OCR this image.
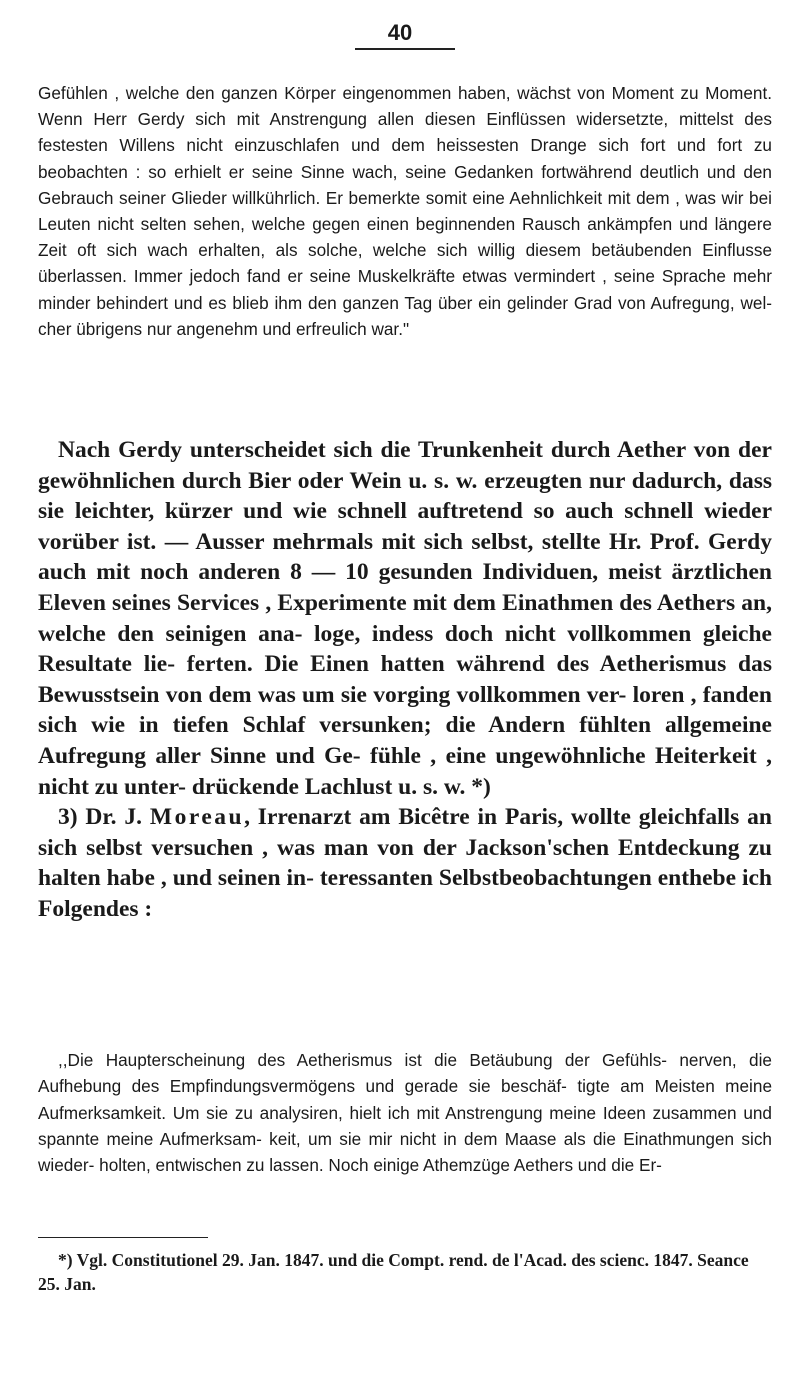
40

Gefühlen , welche den ganzen Körper eingenommen haben, wächst von Moment zu Moment. Wenn Herr Gerdy sich mit Anstrengung allen diesen Einflüssen widersetzte, mittelst des festesten Willens nicht einzuschlafen und dem heissesten Drange sich fort und fort zu beobachten : so erhielt er seine Sinne wach, seine Gedanken fortwährend deutlich und den Gebrauch seiner Glieder willkührlich. Er bemerkte somit eine Aehnlichkeit mit dem , was wir bei Leuten nicht selten sehen, welche gegen einen beginnenden Rausch ankämpfen und längere Zeit oft sich wach erhalten, als solche, welche sich willig diesem betäubenden Einflusse überlassen. Immer jedoch fand er seine Muskelkräfte etwas vermindert , seine Sprache mehr minder behindert und es blieb ihm den ganzen Tag über ein gelinder Grad von Aufregung, wel- cher übrigens nur angenehm und erfreulich war."

Nach Gerdy unterscheidet sich die Trunkenheit durch Aether von der gewöhnlichen durch Bier oder Wein u. s. w. erzeugten nur dadurch, dass sie leichter, kürzer und wie schnell auftretend so auch schnell wieder vorüber ist. — Ausser mehrmals mit sich selbst, stellte Hr. Prof. Gerdy auch mit noch anderen 8 — 10 gesunden Individuen, meist ärztlichen Eleven seines Services , Experimente mit dem Einathmen des Aethers an, welche den seinigen ana- loge, indess doch nicht vollkommen gleiche Resultate lie- ferten. Die Einen hatten während des Aetherismus das Bewusstsein von dem was um sie vorging vollkommen ver- loren , fanden sich wie in tiefen Schlaf versunken; die Andern fühlten allgemeine Aufregung aller Sinne und Ge- fühle , eine ungewöhnliche Heiterkeit , nicht zu unter- drückende Lachlust u. s. w. *)

3) Dr. J. Moreau, Irrenarzt am Bicêtre in Paris, wollte gleichfalls an sich selbst versuchen , was man von der Jackson'schen Entdeckung zu halten habe , und seinen in- teressanten Selbstbeobachtungen enthebe ich Folgendes :

,,Die Haupterscheinung des Aetherismus ist die Betäubung der Gefühls- nerven, die Aufhebung des Empfindungsvermögens und gerade sie beschäf- tigte am Meisten meine Aufmerksamkeit. Um sie zu analysiren, hielt ich mit Anstrengung meine Ideen zusammen und spannte meine Aufmerksam- keit, um sie mir nicht in dem Maase als die Einathmungen sich wieder- holten, entwischen zu lassen. Noch einige Athemzüge Aethers und die Er-

*) Vgl. Constitutionel 29. Jan. 1847. und die Compt. rend. de l'Acad. des scienc. 1847. Seance 25. Jan.
